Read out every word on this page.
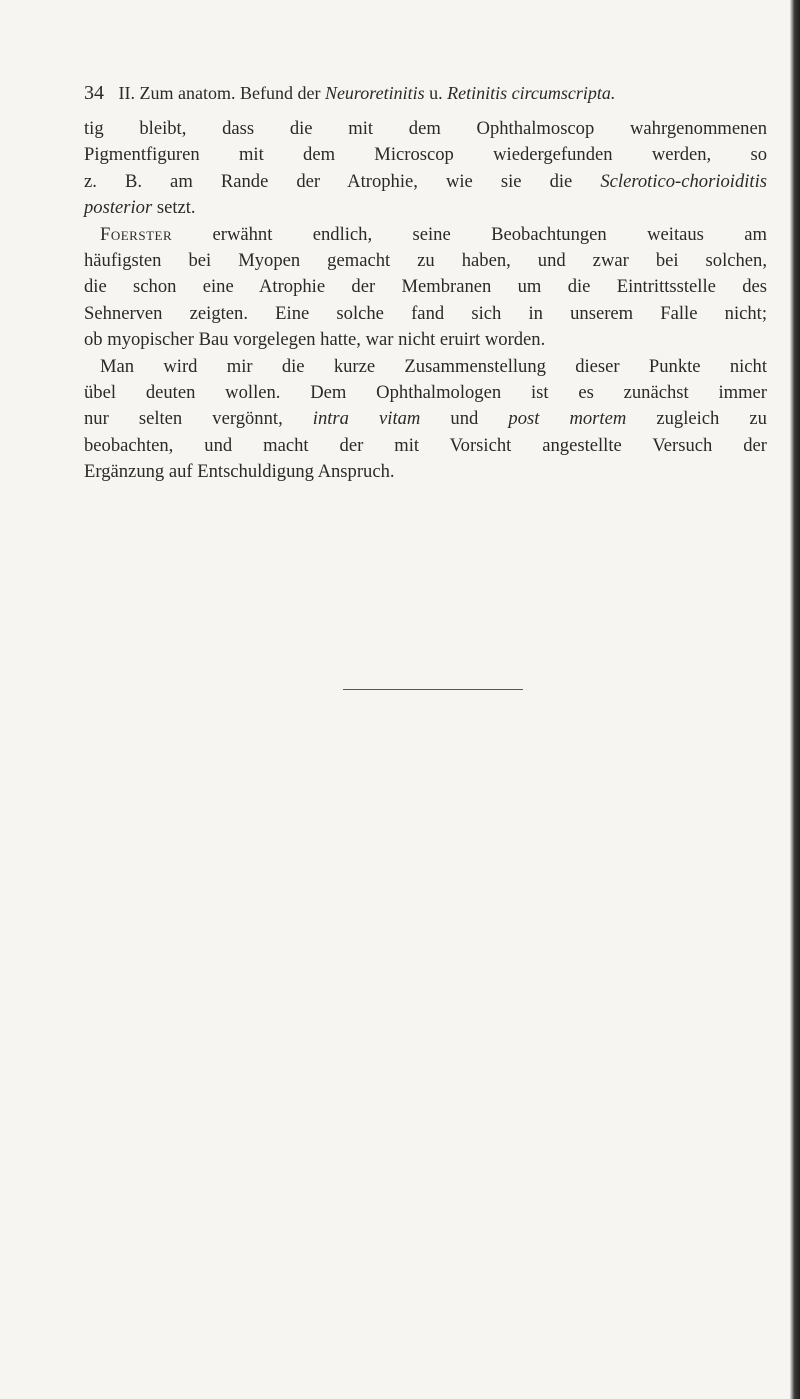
34 II. Zum anatom. Befund der Neuroretinitis u. Retinitis circumscripta.
tig bleibt, dass die mit dem Ophthalmoscop wahrgenommenen
Pigmentfiguren mit dem Microscop wiedergefunden werden, so
z. B. am Rande der Atrophie, wie sie die Sclerotico-chorioiditis
posterior setzt.
Foerster erwähnt endlich, seine Beobachtungen weitaus am
häufigsten bei Myopen gemacht zu haben, und zwar bei solchen,
die schon eine Atrophie der Membranen um die Eintrittsstelle des
Sehnerven zeigten. Eine solche fand sich in unserem Falle nicht;
ob myopischer Bau vorgelegen hatte, war nicht eruirt worden.
Man wird mir die kurze Zusammenstellung dieser Punkte nicht
übel deuten wollen. Dem Ophthalmologen ist es zunächst immer
nur selten vergönnt, intra vitam und post mortem zugleich zu
beobachten, und macht der mit Vorsicht angestellte Versuch der
Ergänzung auf Entschuldigung Anspruch.
